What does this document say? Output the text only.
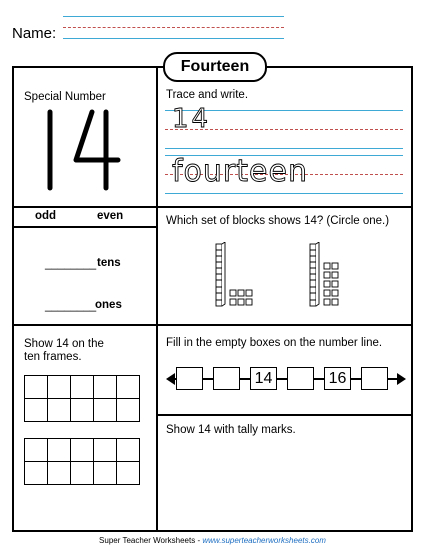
Name:
Fourteen
Special Number	Trace and write.
14
fourteen
odd	even
________ tens
________
ones
Which set of blocks shows 14? (Circle one.)
Show 14 on the
ten frames.

Fill in the empty boxes on the number line.
14	16
Show 14 with tally marks.
Super Teacher Worksheets - www.superteacherworksheets.com
